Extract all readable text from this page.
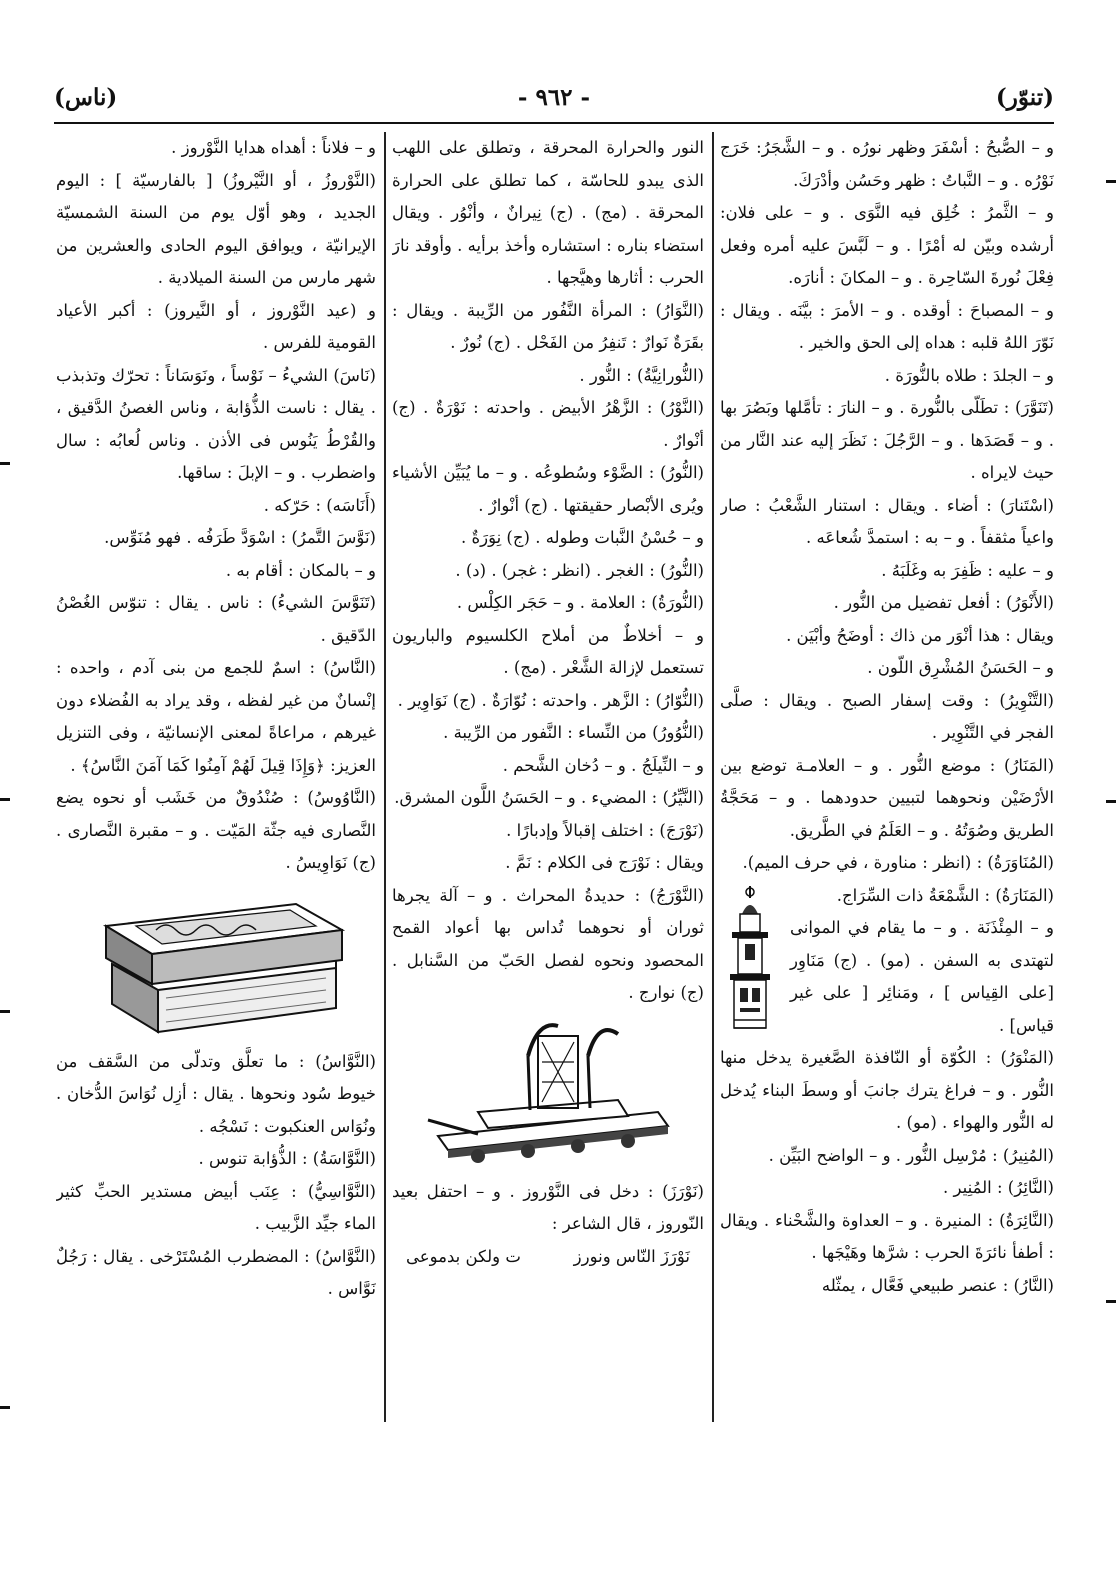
(تنوّر)
- ٩٦٢ -
(ناس)

و – الصُّبحُ : أسْفَرَ وظهر نورُه . و – الشَّجَرُ: خَرَج نَوْرُه . و – النَّباتُ : ظهر وحَسُن وأدْرَكَ.

و – الثَّمرُ : خُلِق فيه النَّوَى . و – على فلان: أرشده وبيّن له أمْرًا . و – لَبَّسَ عليه أمره وفعل فِعْلَ نُورةَ السّاحِرة . و – المكانَ : أنارَه.

و – المصباحَ : أوقده . و – الأمرَ : بيَّنَه . ويقال : نَوّرَ اللهُ قلبه : هداه إلى الحق والخير .

و – الجلدَ : طلاه بالنُّورَة .

(تَنَوَّرَ) : تطَلّى بالنُّورة . و – النارَ : تأمَّلها وبَصُرَ بها . و – قَصَدَها . و – الرَّجُلَ : نَظَرَ إليه عند النَّار من حيث لايراه .

(اسْتَنارَ) : أضاء . ويقال : استنار الشَّعْبُ : صار واعياً مثقفاً . و – به : استمدَّ شُعاعَه .

و – عليه : ظَفِرَ به وغَلَبَهُ .

(الأَنْوَرُ) : أفعل تفضيل من النُّور .

ويقال : هذا أنْوَر من ذاك : أوضَحُ وأبْيَن .

و – الحَسَنُ المُشْرِق اللّون .

(التَّنْوِيرُ) : وقت إسفار الصبح . ويقال : صلَّى الفجر في التَّنْوِير .

(المَنَارُ) : موضع النُّور . و – العلامـة توضع بين الأرْضَيْن ونحوهما لتبيين حدودهما . و – مَحَجَّةُ الطريق وصُوَتُهُ . و – العَلَمُ في الطَّريق.

(المُنَاوَرَةُ) : (انظر : مناورة ، في حرف الميم).

(المَنَارَةُ) : الشَّمْعَةُ ذات السِّرَاج.

و – المِئْذَنَة . و – ما يقام في الموانى لتهتدى به السفن . (مو) . (ج) مَنَاوِر [على القِياس ] ، ومَنائِر [ على غير قياس] .

(المَنْوَرُ) : الكُوّة أو النّافذة الصَّغيرة يدخل منها النُّور . و – فراغ يترك جانبَ أو وسطَ البناء يُدخل له النُّور والهواء . (مو) .

(المُنِيرُ) : مُرْسِل النُّور . و – الواضح البَيِّن .

(النَّائِرُ) : المُنِير .

(النَّائِرَةُ) : المنيرة . و – العداوة والشَّحْناء . ويقال : أطفأ نائرَةَ الحرب : شرَّها وهَيْجَها .

(النَّارُ) : عنصر طبيعي فَعَّال ، يمثّله

النور والحرارة المحرقة ، وتطلق على اللهب الذى يبدو للحاسّة ، كما تطلق على الحرارة المحرقة . (مج) . (ج) نِيرانٌ ، وأنْوُر . ويقال استضاء بناره : استشاره وأخذ برأيه . وأوقد نارَ الحرب : أثارها وهيَّجها .

(النَّوَارُ) : المرأة النَّفُور من الرِّيبة . ويقال : بقَرَةٌ نَوارٌ : تَنفِرُ من الفَحْل . (ج) نُورٌ .

(النُّورانِيَّةُ) : النُّور .

(النَّوْرُ) : الزَّهْرُ الأبيض . واحدته : نَوْرَةٌ . (ج) أنْوارٌ .

(النُّورُ) : الضَّوْء وسُطوعُه . و – ما يُبَيِّن الأشياء ويُرى الأبْصار حقيقتها . (ج) أنْوارٌ .

و – حُسْنُ النَّبات وطوله . (ج) نِوَرَةٌ .

(النُّورُ) : الغجر . (انظر : غجر) . (د) .

(النُّورَةُ) : العلامة . و – حَجَر الكِلْس .

و – أخلاطٌ من أملاح الكلسيوم والباريون تستعمل لإزالة الشَّعْر . (مج) .

(النُّوّارُ) : الزَّهر . واحدته : نُوّارَةٌ . (ج) نَوَاوِير .

(النُّوُورُ) من النِّساء : النَّفور من الرِّيبة .

و – النِّيلَجُ . و – دُخان الشَّحم .

(النَّيِّرُ) : المضيء . و – الحَسَنُ اللَّون المشرق.

(نَوْرَجَ) : اختلف إقبالاً وإدبارًا .

ويقال : نَوْرَج فى الكلام : نَمَّ .

(النَّوْرَجُ) : حديدةُ المحراث . و – آلة يجرها ثوران أو نحوهما تُداس بها أعواد القمح المحصود ونحوه لفصل الحَبّ من السَّنابل . (ج) نوارج .

(نَوْرَزَ) : دخل فى النَّوْروز . و – احتفل بعيد النّوروز ، قال الشاعر :

نَوْرَزَ النّاس ونورز
ت ولكن بدموعى

و – فلاناً : أهداه هدايا النَّوْروز .

(النَّوْروزُ ، أو النَّيْروزُ) [ بالفارسيّة ] : اليوم الجديد ، وهو أوّل يوم من السنة الشمسيّة الإيرانيّة ، ويوافق اليوم الحادى والعشرين من شهر مارس من السنة الميلادية .

و (عيد النَّوْروز ، أو النَّيروز) : أكبر الأعياد القومية للفرس .

(نَاسَ) الشيءُ – نَوْساً ، ونَوَسَاناً : تحرّك وتذبذب . يقال : ناست الذُّؤابة ، وناس الغصنُ الدَّقيق ، والقُرْطُ يَنُوس فى الأذن . وناس لُعابُه : سال واضطرب . و – الإبلَ : ساقها.

(أَنَاسَه) : حَرّكه .

(نَوَّسَ التَّمرُ) : اسْوَدَّ طَرَفُه . فهو مُنَوِّس.

و – بالمكان : أقام به .

(تَنَوَّسَ الشيءُ) : ناس . يقال : تنوّس الغُصْنُ الدّقيق .

(النَّاسُ) : اسمٌ للجمع من بنى آدم ، واحده : إنْسانٌ من غير لفظه ، وقد يراد به الفُضلاء دون غيرهم ، مراعاةً لمعنى الإنسانيّة ، وفى التنزيل العزيز: ﴿وَإِذَا قِيلَ لَهُمْ آمِنُوا كَمَا آمَنَ النَّاسُ﴾ .

(النَّاوُوسُ) : صُنْدُوقٌ من خَشَب أو نحوه يضع النَّصارى فيه جثّة المَيّت . و – مقبرة النَّصارى . (ج) نَوَاوِيسُ .

(النَّوَّاسُ) : ما تعلَّق وتدلّى من السَّقف من خيوط سُود ونحوها . يقال : أزِل نُوَاسَ الدُّخان . ونُوَاس العنكبوت : نَسْجُه .

(النَّوَّاسَةُ) : الذُّؤابة تنوس .

(النَّوَّاسِيُّ) : عِنَب أبيض مستدير الحبِّ كثير الماء جيِّد الزَّبيب .

(النَّوَّاسُ) : المضطرب المُسْتَرْخى . يقال : رَجُلٌ نَوَّاس .
